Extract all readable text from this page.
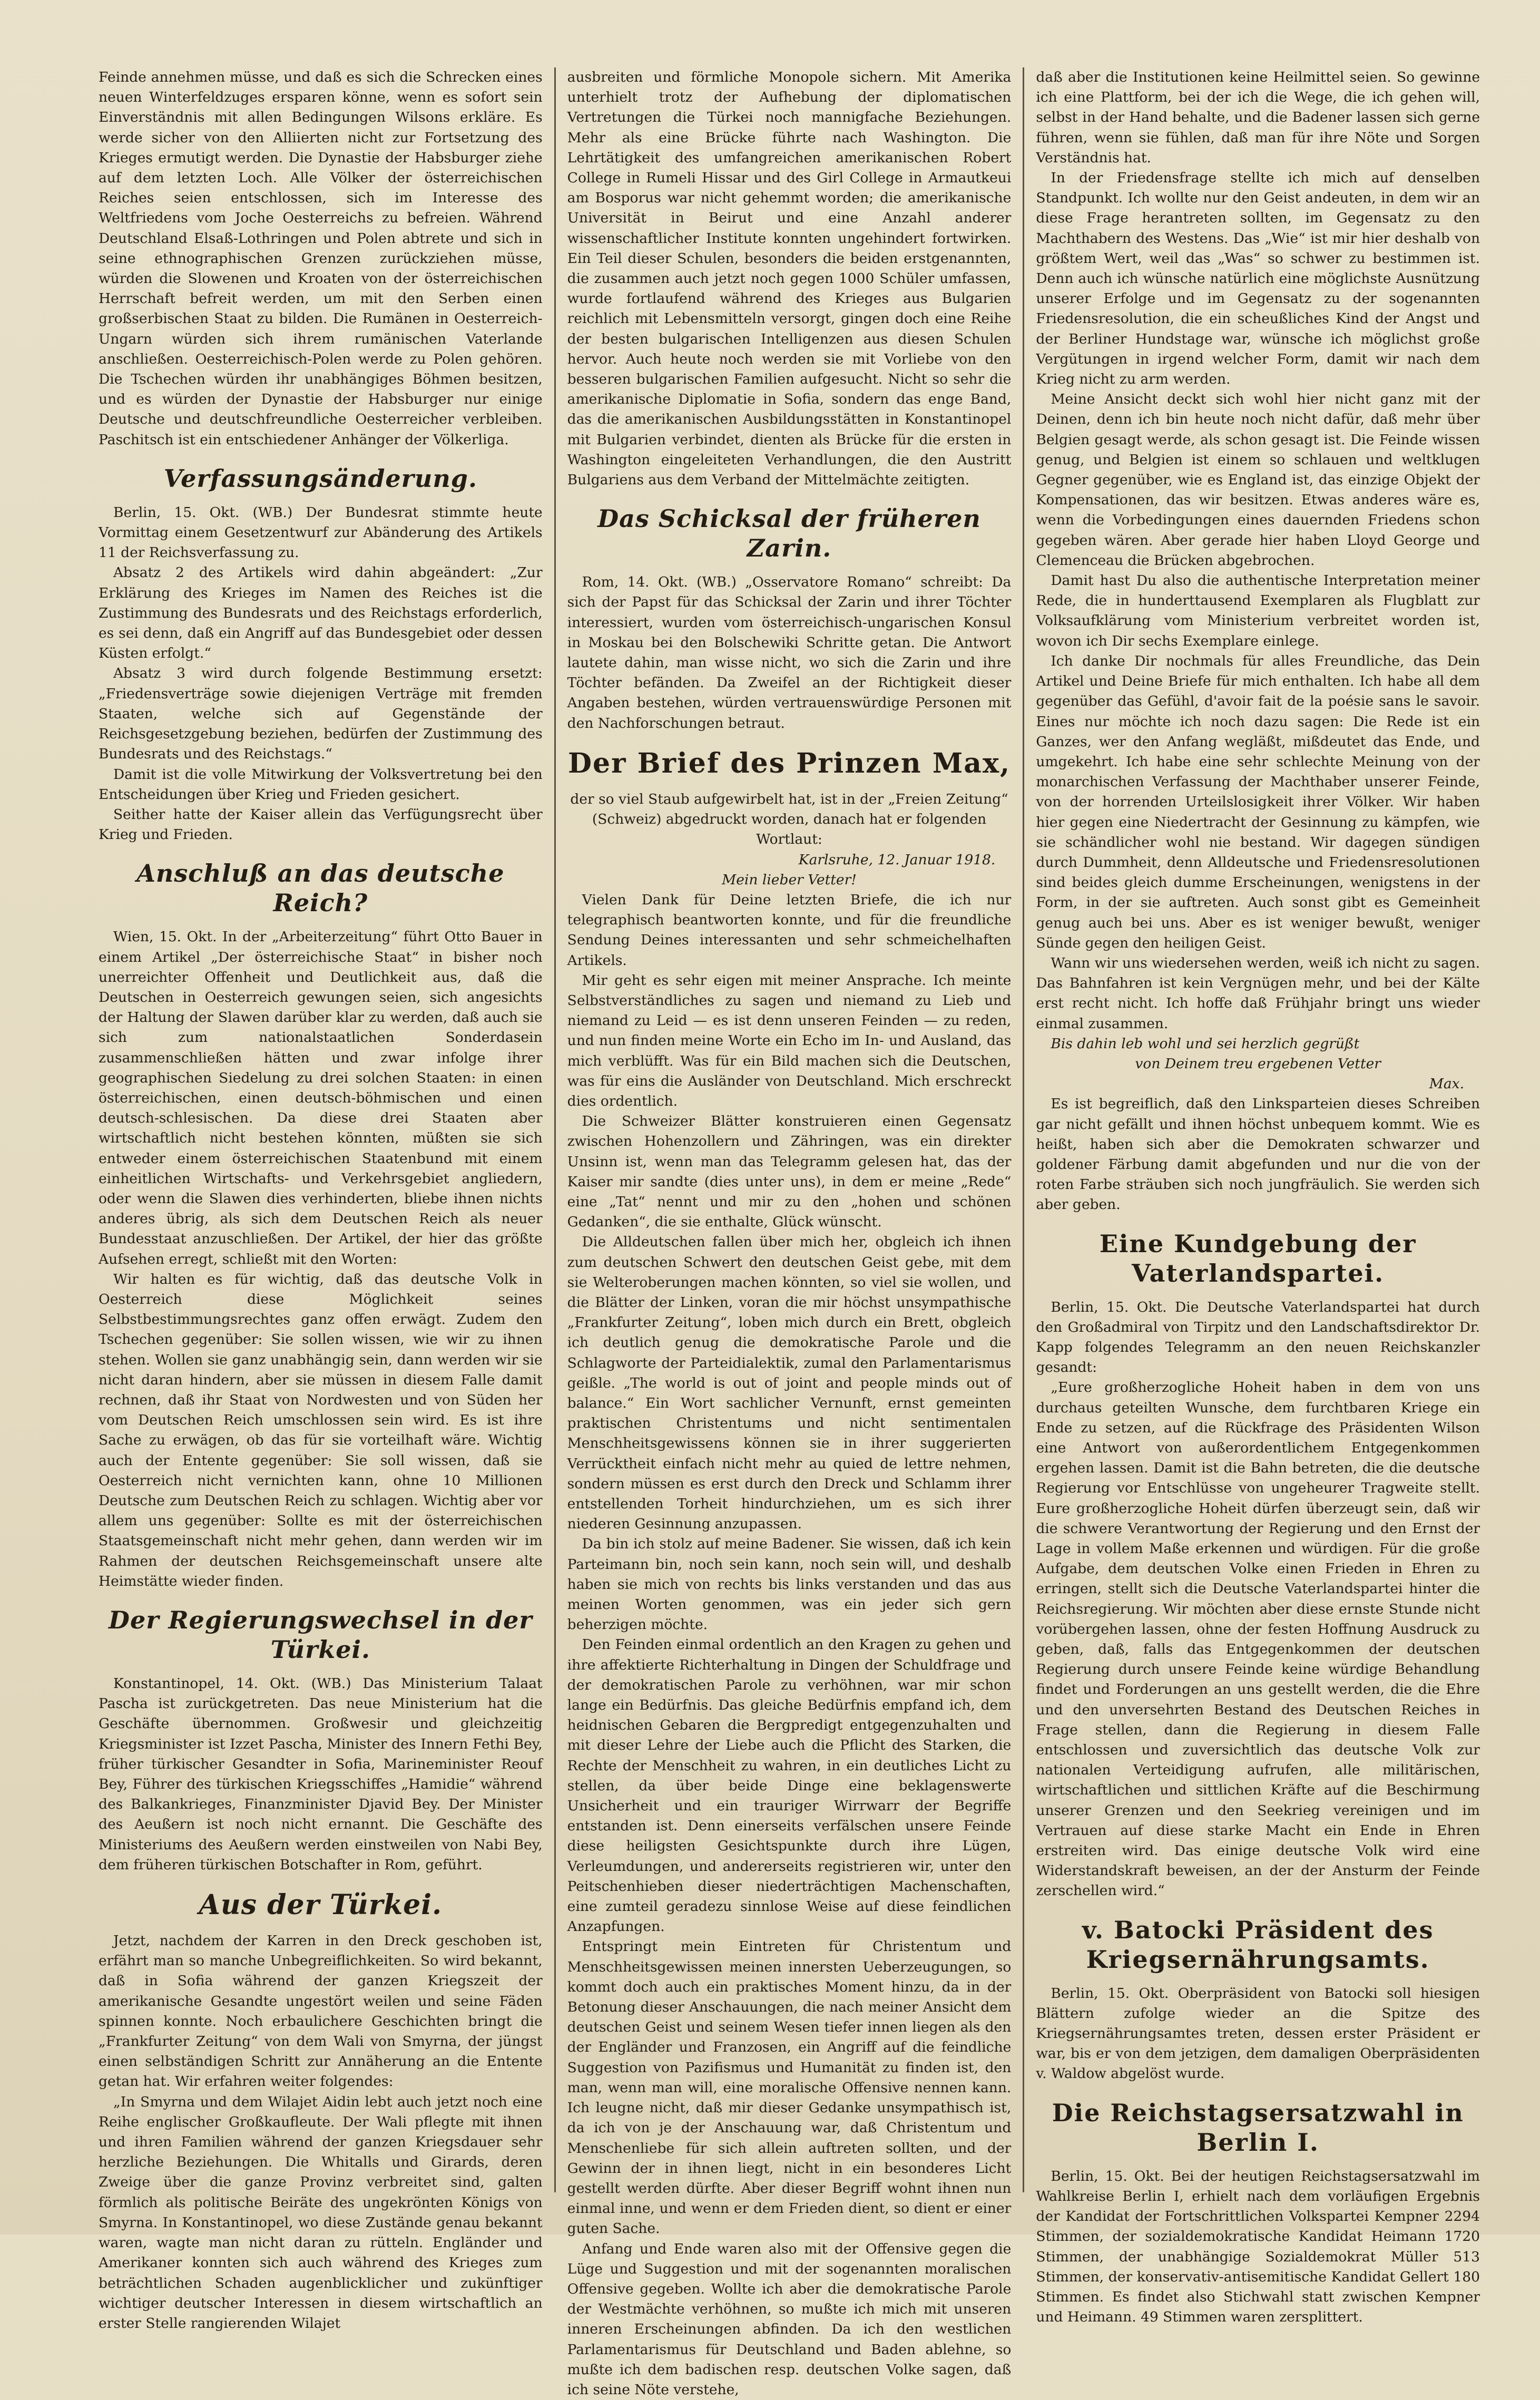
Feinde annehmen müsse, und daß es sich die Schrecken eines neuen Winterfeldzuges ersparen könne, wenn es sofort sein Einverständnis mit allen Bedingungen Wilsons erkläre. Es werde sicher von den Alliierten nicht zur Fortsetzung des Krieges ermutigt werden. Die Dynastie der Habsburger ziehe auf dem letzten Loch. Alle Völker der österreichischen Reiches seien entschlossen, sich im Interesse des Weltfriedens vom Joche Oesterreichs zu befreien. Während Deutschland Elsaß-Lothringen und Polen abtrete und sich in seine ethnographischen Grenzen zurückziehen müsse, würden die Slowenen und Kroaten von der österreichischen Herrschaft befreit werden, um mit den Serben einen großserbischen Staat zu bilden. Die Rumänen in Oesterreich-Ungarn würden sich ihrem rumänischen Vaterlande anschließen. Oesterreichisch-Polen werde zu Polen gehören. Die Tschechen würden ihr unabhängiges Böhmen besitzen, und es würden der Dynastie der Habsburger nur einige Deutsche und deutschfreundliche Oesterreicher verbleiben. Paschitsch ist ein entschiedener Anhänger der Völkerliga.

Verfassungsänderung.

Berlin, 15. Okt. (WB.) Der Bundesrat stimmte heute Vormittag einem Gesetzentwurf zur Abänderung des Artikels 11 der Reichsverfassung zu.

Absatz 2 des Artikels wird dahin abgeändert: „Zur Erklärung des Krieges im Namen des Reiches ist die Zustimmung des Bundesrats und des Reichstags erforderlich, es sei denn, daß ein Angriff auf das Bundesgebiet oder dessen Küsten erfolgt.“

Absatz 3 wird durch folgende Bestimmung ersetzt: „Friedensverträge sowie diejenigen Verträge mit fremden Staaten, welche sich auf Gegenstände der Reichsgesetzgebung beziehen, bedürfen der Zustimmung des Bundesrats und des Reichstags.“

Damit ist die volle Mitwirkung der Volksvertretung bei den Entscheidungen über Krieg und Frieden gesichert.

Seither hatte der Kaiser allein das Verfügungsrecht über Krieg und Frieden.

Anschluß an das deutsche Reich?

Wien, 15. Okt. In der „Arbeiterzeitung“ führt Otto Bauer in einem Artikel „Der österreichische Staat“ in bisher noch unerreichter Offenheit und Deutlichkeit aus, daß die Deutschen in Oesterreich gewungen seien, sich angesichts der Haltung der Slawen darüber klar zu werden, daß auch sie sich zum nationalstaatlichen Sonderdasein zusammenschließen hätten und zwar infolge ihrer geographischen Siedelung zu drei solchen Staaten: in einen österreichischen, einen deutsch-böhmischen und einen deutsch-schlesischen. Da diese drei Staaten aber wirtschaftlich nicht bestehen könnten, müßten sie sich entweder einem österreichischen Staatenbund mit einem einheitlichen Wirtschafts- und Verkehrsgebiet angliedern, oder wenn die Slawen dies verhinderten, bliebe ihnen nichts anderes übrig, als sich dem Deutschen Reich als neuer Bundesstaat anzuschließen. Der Artikel, der hier das größte Aufsehen erregt, schließt mit den Worten:

Wir halten es für wichtig, daß das deutsche Volk in Oesterreich diese Möglichkeit seines Selbstbestimmungsrechtes ganz offen erwägt. Zudem den Tschechen gegenüber: Sie sollen wissen, wie wir zu ihnen stehen. Wollen sie ganz unabhängig sein, dann werden wir sie nicht daran hindern, aber sie müssen in diesem Falle damit rechnen, daß ihr Staat von Nordwesten und von Süden her vom Deutschen Reich umschlossen sein wird. Es ist ihre Sache zu erwägen, ob das für sie vorteilhaft wäre. Wichtig auch der Entente gegenüber: Sie soll wissen, daß sie Oesterreich nicht vernichten kann, ohne 10 Millionen Deutsche zum Deutschen Reich zu schlagen. Wichtig aber vor allem uns gegenüber: Sollte es mit der österreichischen Staatsgemeinschaft nicht mehr gehen, dann werden wir im Rahmen der deutschen Reichsgemeinschaft unsere alte Heimstätte wieder finden.

Der Regierungswechsel in der Türkei.

Konstantinopel, 14. Okt. (WB.) Das Ministerium Talaat Pascha ist zurückgetreten. Das neue Ministerium hat die Geschäfte übernommen. Großwesir und gleichzeitig Kriegsminister ist Izzet Pascha, Minister des Innern Fethi Bey, früher türkischer Gesandter in Sofia, Marineminister Reouf Bey, Führer des türkischen Kriegsschiffes „Hamidie“ während des Balkankrieges, Finanzminister Djavid Bey. Der Minister des Aeußern ist noch nicht ernannt. Die Geschäfte des Ministeriums des Aeußern werden einstweilen von Nabi Bey, dem früheren türkischen Botschafter in Rom, geführt.

Aus der Türkei.

Jetzt, nachdem der Karren in den Dreck geschoben ist, erfährt man so manche Unbegreiflichkeiten. So wird bekannt, daß in Sofia während der ganzen Kriegszeit der amerikanische Gesandte ungestört weilen und seine Fäden spinnen konnte. Noch erbaulichere Geschichten bringt die „Frankfurter Zeitung“ von dem Wali von Smyrna, der jüngst einen selbständigen Schritt zur Annäherung an die Entente getan hat. Wir erfahren weiter folgendes:

„In Smyrna und dem Wilajet Aidin lebt auch jetzt noch eine Reihe englischer Großkaufleute. Der Wali pflegte mit ihnen und ihren Familien während der ganzen Kriegsdauer sehr herzliche Beziehungen. Die Whitalls und Girards, deren Zweige über die ganze Provinz verbreitet sind, galten förmlich als politische Beiräte des ungekrönten Königs von Smyrna. In Konstantinopel, wo diese Zustände genau bekannt waren, wagte man nicht daran zu rütteln. Engländer und Amerikaner konnten sich auch während des Krieges zum beträchtlichen Schaden augenblicklicher und zukünftiger wichtiger deutscher Interessen in diesem wirtschaftlich an erster Stelle rangierenden Wilajet

ausbreiten und förmliche Monopole sichern. Mit Amerika unterhielt trotz der Aufhebung der diplomatischen Vertretungen die Türkei noch mannigfache Beziehungen. Mehr als eine Brücke führte nach Washington. Die Lehrtätigkeit des umfangreichen amerikanischen Robert College in Rumeli Hissar und des Girl College in Armautkeui am Bosporus war nicht gehemmt worden; die amerikanische Universität in Beirut und eine Anzahl anderer wissenschaftlicher Institute konnten ungehindert fortwirken. Ein Teil dieser Schulen, besonders die beiden erstgenannten, die zusammen auch jetzt noch gegen 1000 Schüler umfassen, wurde fortlaufend während des Krieges aus Bulgarien reichlich mit Lebensmitteln versorgt, gingen doch eine Reihe der besten bulgarischen Intelligenzen aus diesen Schulen hervor. Auch heute noch werden sie mit Vorliebe von den besseren bulgarischen Familien aufgesucht. Nicht so sehr die amerikanische Diplomatie in Sofia, sondern das enge Band, das die amerikanischen Ausbildungsstätten in Konstantinopel mit Bulgarien verbindet, dienten als Brücke für die ersten in Washington eingeleiteten Verhandlungen, die den Austritt Bulgariens aus dem Verband der Mittelmächte zeitigten.

Das Schicksal der früheren Zarin.

Rom, 14. Okt. (WB.) „Osservatore Romano“ schreibt: Da sich der Papst für das Schicksal der Zarin und ihrer Töchter interessiert, wurden vom österreichisch-ungarischen Konsul in Moskau bei den Bolschewiki Schritte getan. Die Antwort lautete dahin, man wisse nicht, wo sich die Zarin und ihre Töchter befänden. Da Zweifel an der Richtigkeit dieser Angaben bestehen, würden vertrauenswürdige Personen mit den Nachforschungen betraut.

Der Brief des Prinzen Max,

der so viel Staub aufgewirbelt hat, ist in der „Freien Zeitung“ (Schweiz) abgedruckt worden, danach hat er folgenden Wortlaut:

Karlsruhe, 12. Januar 1918.

Mein lieber Vetter!

Vielen Dank für Deine letzten Briefe, die ich nur telegraphisch beantworten konnte, und für die freundliche Sendung Deines interessanten und sehr schmeichelhaften Artikels.

Mir geht es sehr eigen mit meiner Ansprache. Ich meinte Selbstverständliches zu sagen und niemand zu Lieb und niemand zu Leid — es ist denn unseren Feinden — zu reden, und nun finden meine Worte ein Echo im In- und Ausland, das mich verblüfft. Was für ein Bild machen sich die Deutschen, was für eins die Ausländer von Deutschland. Mich erschreckt dies ordentlich.

Die Schweizer Blätter konstruieren einen Gegensatz zwischen Hohenzollern und Zähringen, was ein direkter Unsinn ist, wenn man das Telegramm gelesen hat, das der Kaiser mir sandte (dies unter uns), in dem er meine „Rede“ eine „Tat“ nennt und mir zu den „hohen und schönen Gedanken“, die sie enthalte, Glück wünscht.

Die Alldeutschen fallen über mich her, obgleich ich ihnen zum deutschen Schwert den deutschen Geist gebe, mit dem sie Welteroberungen machen könnten, so viel sie wollen, und die Blätter der Linken, voran die mir höchst unsympathische „Frankfurter Zeitung“, loben mich durch ein Brett, obgleich ich deutlich genug die demokratische Parole und die Schlagworte der Parteidialektik, zumal den Parlamentarismus geißle. „The world is out of joint and people minds out of balance.“ Ein Wort sachlicher Vernunft, ernst gemeinten praktischen Christentums und nicht sentimentalen Menschheitsgewissens können sie in ihrer suggerierten Verrücktheit einfach nicht mehr au quied de lettre nehmen, sondern müssen es erst durch den Dreck und Schlamm ihrer entstellenden Torheit hindurchziehen, um es sich ihrer niederen Gesinnung anzupassen.

Da bin ich stolz auf meine Badener. Sie wissen, daß ich kein Parteimann bin, noch sein kann, noch sein will, und deshalb haben sie mich von rechts bis links verstanden und das aus meinen Worten genommen, was ein jeder sich gern beherzigen möchte.

Den Feinden einmal ordentlich an den Kragen zu gehen und ihre affektierte Richterhaltung in Dingen der Schuldfrage und der demokratischen Parole zu verhöhnen, war mir schon lange ein Bedürfnis. Das gleiche Bedürfnis empfand ich, dem heidnischen Gebaren die Bergpredigt entgegenzuhalten und mit dieser Lehre der Liebe auch die Pflicht des Starken, die Rechte der Menschheit zu wahren, in ein deutliches Licht zu stellen, da über beide Dinge eine beklagenswerte Unsicherheit und ein trauriger Wirrwarr der Begriffe entstanden ist. Denn einerseits verfälschen unsere Feinde diese heiligsten Gesichtspunkte durch ihre Lügen, Verleumdungen, und andererseits registrieren wir, unter den Peitschenhieben dieser niederträchtigen Machenschaften, eine zumteil geradezu sinnlose Weise auf diese feindlichen Anzapfungen.

Entspringt mein Eintreten für Christentum und Menschheitsgewissen meinen innersten Ueberzeugungen, so kommt doch auch ein praktisches Moment hinzu, da in der Betonung dieser Anschauungen, die nach meiner Ansicht dem deutschen Geist und seinem Wesen tiefer innen liegen als den der Engländer und Franzosen, ein Angriff auf die feindliche Suggestion von Pazifismus und Humanität zu finden ist, den man, wenn man will, eine moralische Offensive nennen kann. Ich leugne nicht, daß mir dieser Gedanke unsympathisch ist, da ich von je der Anschauung war, daß Christentum und Menschenliebe für sich allein auftreten sollten, und der Gewinn der in ihnen liegt, nicht in ein besonderes Licht gestellt werden dürfte. Aber dieser Begriff wohnt ihnen nun einmal inne, und wenn er dem Frieden dient, so dient er einer guten Sache.

Anfang und Ende waren also mit der Offensive gegen die Lüge und Suggestion und mit der sogenannten moralischen Offensive gegeben. Wollte ich aber die demokratische Parole der Westmächte verhöhnen, so mußte ich mich mit unseren inneren Erscheinungen abfinden. Da ich den westlichen Parlamentarismus für Deutschland und Baden ablehne, so mußte ich dem badischen resp. deutschen Volke sagen, daß ich seine Nöte verstehe,

daß aber die Institutionen keine Heilmittel seien. So gewinne ich eine Plattform, bei der ich die Wege, die ich gehen will, selbst in der Hand behalte, und die Badener lassen sich gerne führen, wenn sie fühlen, daß man für ihre Nöte und Sorgen Verständnis hat.

In der Friedensfrage stellte ich mich auf denselben Standpunkt. Ich wollte nur den Geist andeuten, in dem wir an diese Frage herantreten sollten, im Gegensatz zu den Machthabern des Westens. Das „Wie“ ist mir hier deshalb von größtem Wert, weil das „Was“ so schwer zu bestimmen ist. Denn auch ich wünsche natürlich eine möglichste Ausnützung unserer Erfolge und im Gegensatz zu der sogenannten Friedensresolution, die ein scheußliches Kind der Angst und der Berliner Hundstage war, wünsche ich möglichst große Vergütungen in irgend welcher Form, damit wir nach dem Krieg nicht zu arm werden.

Meine Ansicht deckt sich wohl hier nicht ganz mit der Deinen, denn ich bin heute noch nicht dafür, daß mehr über Belgien gesagt werde, als schon gesagt ist. Die Feinde wissen genug, und Belgien ist einem so schlauen und weltklugen Gegner gegenüber, wie es England ist, das einzige Objekt der Kompensationen, das wir besitzen. Etwas anderes wäre es, wenn die Vorbedingungen eines dauernden Friedens schon gegeben wären. Aber gerade hier haben Lloyd George und Clemenceau die Brücken abgebrochen.

Damit hast Du also die authentische Interpretation meiner Rede, die in hunderttausend Exemplaren als Flugblatt zur Volksaufklärung vom Ministerium verbreitet worden ist, wovon ich Dir sechs Exemplare einlege.

Ich danke Dir nochmals für alles Freundliche, das Dein Artikel und Deine Briefe für mich enthalten. Ich habe all dem gegenüber das Gefühl, d'avoir fait de la poésie sans le savoir. Eines nur möchte ich noch dazu sagen: Die Rede ist ein Ganzes, wer den Anfang wegläßt, mißdeutet das Ende, und umgekehrt. Ich habe eine sehr schlechte Meinung von der monarchischen Verfassung der Machthaber unserer Feinde, von der horrenden Urteilslosigkeit ihrer Völker. Wir haben hier gegen eine Niedertracht der Gesinnung zu kämpfen, wie sie schändlicher wohl nie bestand. Wir dagegen sündigen durch Dummheit, denn Alldeutsche und Friedensresolutionen sind beides gleich dumme Erscheinungen, wenigstens in der Form, in der sie auftreten. Auch sonst gibt es Gemeinheit genug auch bei uns. Aber es ist weniger bewußt, weniger Sünde gegen den heiligen Geist.

Wann wir uns wiedersehen werden, weiß ich nicht zu sagen. Das Bahnfahren ist kein Vergnügen mehr, und bei der Kälte erst recht nicht. Ich hoffe daß Frühjahr bringt uns wieder einmal zusammen.

Bis dahin leb wohl und sei herzlich gegrüßt

von Deinem treu ergebenen Vetter

Max.

Es ist begreiflich, daß den Linksparteien dieses Schreiben gar nicht gefällt und ihnen höchst unbequem kommt. Wie es heißt, haben sich aber die Demokraten schwarzer und goldener Färbung damit abgefunden und nur die von der roten Farbe sträuben sich noch jungfräulich. Sie werden sich aber geben.

Eine Kundgebung der Vaterlandspartei.

Berlin, 15. Okt. Die Deutsche Vaterlandspartei hat durch den Großadmiral von Tirpitz und den Landschaftsdirektor Dr. Kapp folgendes Telegramm an den neuen Reichskanzler gesandt:

„Eure großherzogliche Hoheit haben in dem von uns durchaus geteilten Wunsche, dem furchtbaren Kriege ein Ende zu setzen, auf die Rückfrage des Präsidenten Wilson eine Antwort von außerordentlichem Entgegenkommen ergehen lassen. Damit ist die Bahn betreten, die die deutsche Regierung vor Entschlüsse von ungeheurer Tragweite stellt. Eure großherzogliche Hoheit dürfen überzeugt sein, daß wir die schwere Verantwortung der Regierung und den Ernst der Lage in vollem Maße erkennen und würdigen. Für die große Aufgabe, dem deutschen Volke einen Frieden in Ehren zu erringen, stellt sich die Deutsche Vaterlandspartei hinter die Reichsregierung. Wir möchten aber diese ernste Stunde nicht vorübergehen lassen, ohne der festen Hoffnung Ausdruck zu geben, daß, falls das Entgegenkommen der deutschen Regierung durch unsere Feinde keine würdige Behandlung findet und Forderungen an uns gestellt werden, die die Ehre und den unversehrten Bestand des Deutschen Reiches in Frage stellen, dann die Regierung in diesem Falle entschlossen und zuversichtlich das deutsche Volk zur nationalen Verteidigung aufrufen, alle militärischen, wirtschaftlichen und sittlichen Kräfte auf die Beschirmung unserer Grenzen und den Seekrieg vereinigen und im Vertrauen auf diese starke Macht ein Ende in Ehren erstreiten wird. Das einige deutsche Volk wird eine Widerstandskraft beweisen, an der der Ansturm der Feinde zerschellen wird.“

v. Batocki Präsident des Kriegsernährungsamts.

Berlin, 15. Okt. Oberpräsident von Batocki soll hiesigen Blättern zufolge wieder an die Spitze des Kriegsernährungsamtes treten, dessen erster Präsident er war, bis er von dem jetzigen, dem damaligen Oberpräsidenten v. Waldow abgelöst wurde.

Die Reichstagsersatzwahl in Berlin I.

Berlin, 15. Okt. Bei der heutigen Reichstagsersatzwahl im Wahlkreise Berlin I, erhielt nach dem vorläufigen Ergebnis der Kandidat der Fortschrittlichen Volkspartei Kempner 2294 Stimmen, der sozialdemokratische Kandidat Heimann 1720 Stimmen, der unabhängige Sozialdemokrat Müller 513 Stimmen, der konservativ-antisemitische Kandidat Gellert 180 Stimmen. Es findet also Stichwahl statt zwischen Kempner und Heimann. 49 Stimmen waren zersplittert.
